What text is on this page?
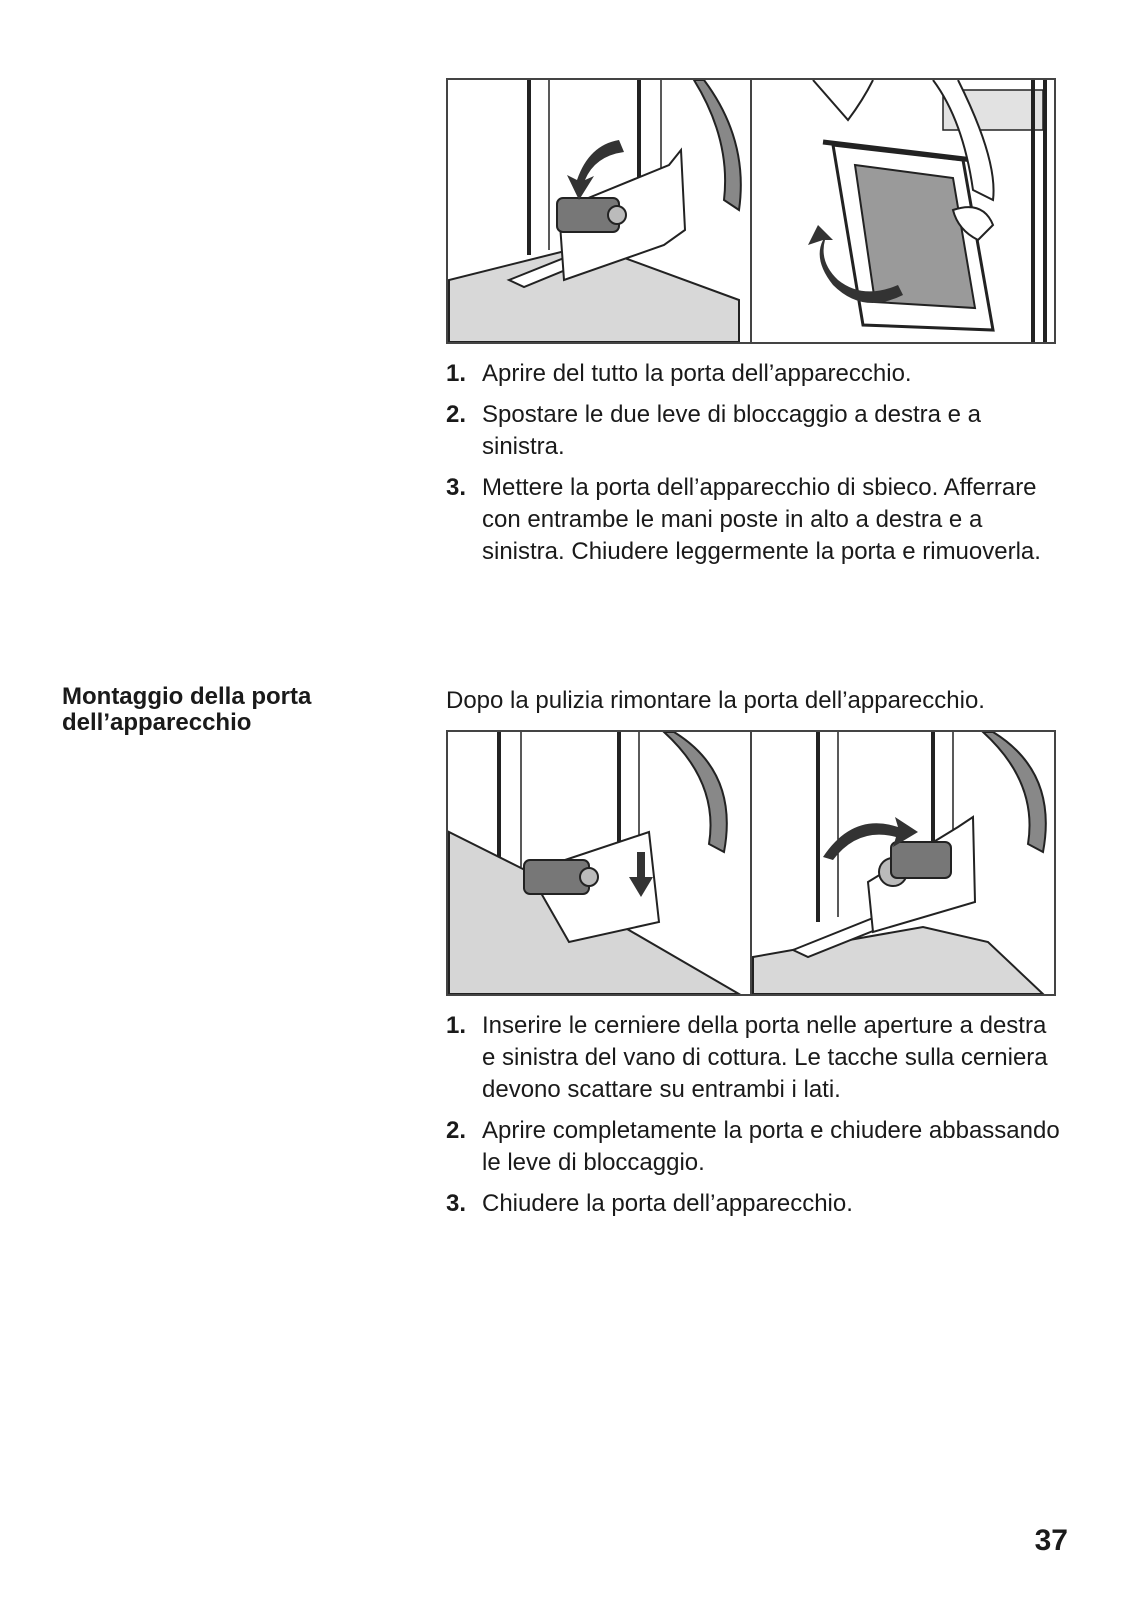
1. Aprire del tutto la porta dell’apparecchio.
2. Spostare le due leve di bloccaggio a destra e a sinistra.
3. Mettere la porta dell’apparecchio di sbieco. Afferrare con entrambe le mani poste in alto a destra e a sinistra. Chiudere leggermente la porta e rimuoverla.
Montaggio della porta dell’apparecchio
Dopo la pulizia rimontare la porta dell’apparecchio.
1. Inserire le cerniere della porta nelle aperture a destra e sinistra del vano di cottura. Le tacche sulla cerniera devono scattare su entrambi i lati.
2. Aprire completamente la porta e chiudere abbassando le leve di bloccaggio.
3. Chiudere la porta dell’apparecchio.
37
